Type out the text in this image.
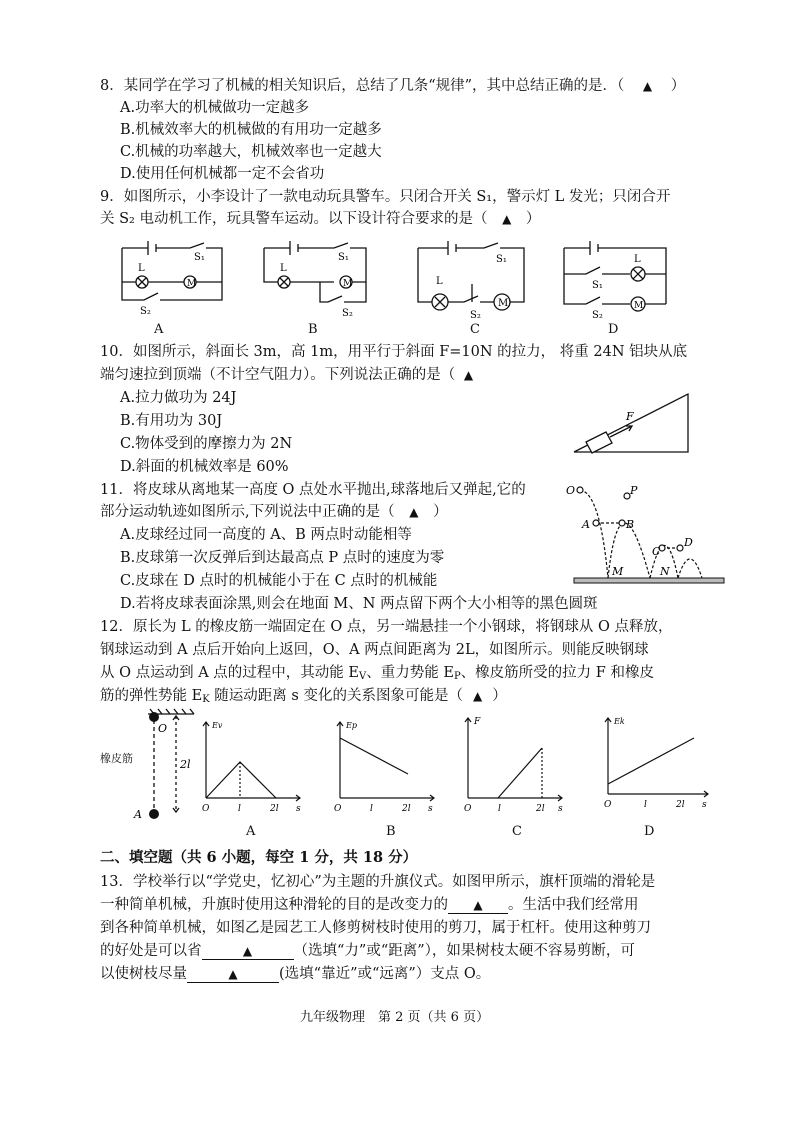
8．某同学在学习了机械的相关知识后，总结了几条“规律”，其中总结正确的是．（ ▲ ）

A.功率大的机械做功一定越多

B.机械效率大的机械做的有用功一定越多

C.机械的功率越大，机械效率也一定越大

D.使用任何机械都一定不会省功

9．如图所示，小李设计了一款电动玩具警车。只闭合开关 S₁，警示灯 L 发光；只闭合开

关 S₂ 电动机工作，玩具警车运动。以下设计符合要求的是（ ▲ ）

M
L
S₁
S₂
A
M
L
S₁
S₂
B
M
L
S₁
S₂
C
M
L
S₁
S₂
D

10．如图所示，斜面长 3m，高 1m，用平行于斜面 F=10N 的拉力， 将重 24N 铝块从底

端匀速拉到顶端（不计空气阻力）。下列说法正确的是（ ▲

A.拉力做功为 24J

B.有用功为 30J

C.物体受到的摩擦力为 2N

D.斜面的机械效率是 60%

F

11．将皮球从离地某一高度 O 点处水平抛出,球落地后又弹起,它的

部分运动轨迹如图所示,下列说法中正确的是（ ▲ ）

A.皮球经过同一高度的 A、B 两点时动能相等

B.皮球第一次反弹后到达最高点 P 点时的速度为零

C.皮球在 D 点时的机械能小于在 C 点时的机械能

D.若将皮球表面涂黑,则会在地面 M、N 两点留下两个大小相等的黑色圆斑

O	P
A	B
C
D
M	N

12．原长为 L 的橡皮筋一端固定在 O 点，另一端悬挂一个小钢球，将钢球从 O 点释放，

钢球运动到 A 点后开始向上返回，O、A 两点间距离为 2L，如图所示。则能反映钢球

从 O 点运动到 A 点的过程中，其动能 $E_V$、重力势能 $E_P$、橡皮筋所受的拉力 F 和橡皮

筋的弹性势能 $E_K$ 随运动距离 s 变化的关系图象可能是（ ▲ ）

O
2l
A
橡皮筋
Ev
O	l	2l s
A
Ep
O	l	2l s
B
F
O	l	2l s
C
Ek
O	l	2l s
D

二、填空题（共 6 小题，每空 1 分，共 18 分）

13．学校举行以“学党史，忆初心”为主题的升旗仪式。如图甲所示，旗杆顶端的滑轮是

一种简单机械，升旗时使用这种滑轮的目的是改变力的 ▲ 。生活中我们经常用

到各种简单机械，如图乙是园艺工人修剪树枝时使用的剪刀，属于杠杆。使用这种剪刀

的好处是可以省	▲	（选填“力”或“距离”），如果树枝太硬不容易剪断，可

以使树枝尽量	▲	(选填“靠近”或“远离”）支点 O。

九年级物理　第 2 页（共 6 页）
